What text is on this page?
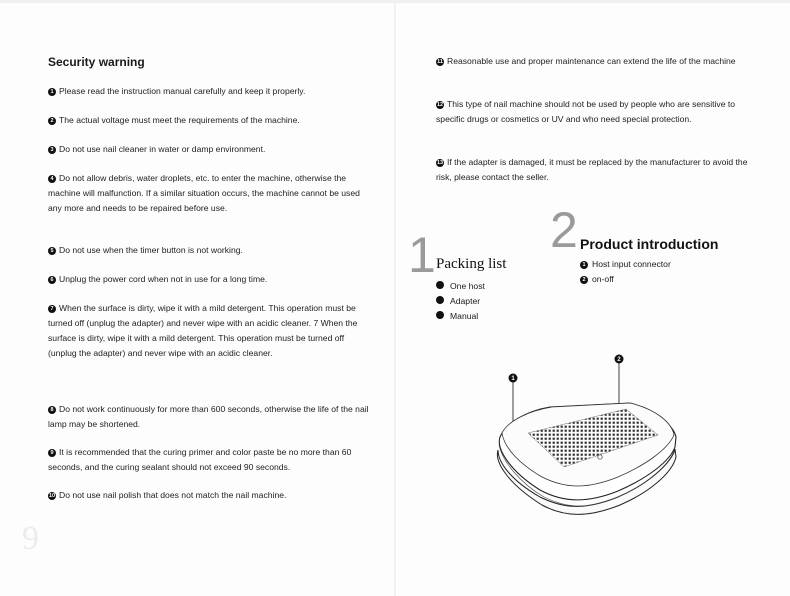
9
Security warning
1 Please read the instruction manual carefully and keep it properly.
2 The actual voltage must meet the requirements of the machine.
3 Do not use nail cleaner in water or damp environment.
4 Do not allow debris, water droplets, etc. to enter the machine, otherwise the machine will malfunction. If a similar situation occurs, the machine cannot be used any more and needs to be repaired before use.
5 Do not use when the timer button is not working.
6 Unplug the power cord when not in use for a long time.
7 When the surface is dirty, wipe it with a mild detergent. This operation must be turned off (unplug the adapter) and never wipe with an acidic cleaner. 7 When the surface is dirty, wipe it with a mild detergent. This operation must be turned off (unplug the adapter) and never wipe with an acidic cleaner.
8 Do not work continuously for more than 600 seconds, otherwise the life of the nail lamp may be shortened.
9 It is recommended that the curing primer and color paste be no more than 60 seconds, and the curing sealant should not exceed 90 seconds.
10 Do not use nail polish that does not match the nail machine.
11 Reasonable use and proper maintenance can extend the life of the machine
12 This type of nail machine should not be used by people who are sensitive to specific drugs or cosmetics or UV and who need special protection.
13 If the adapter is damaged, it must be replaced by the manufacturer to avoid the risk, please contact the seller.
1 Packing list
One host
Adapter
Manual
2 Product introduction
1 Host input connector
2 on-off
1
2
